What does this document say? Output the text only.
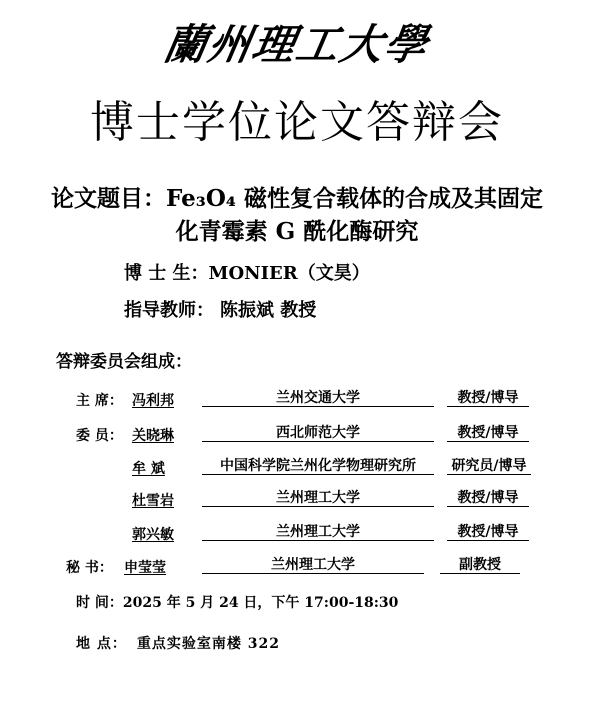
蘭州理工大學
博士学位论文答辩会
论文题目：Fe₃O₄ 磁性复合载体的合成及其固定
化青霉素 G 酰化酶研究
博 士 生：MONIER（文昊）
指导教师： 陈振斌 教授
答辩委员会组成：
主 席： 冯利邦	兰州交通大学	教授/博导
委 员： 关晓琳	西北师范大学	教授/博导
牟 斌	中国科学院兰州化学物理研究所	研究员/博导
杜雪岩	兰州理工大学	教授/博导
郭兴敏	兰州理工大学	教授/博导
秘 书： 申莹莹	兰州理工大学	副教授
时 间：2025 年 5 月 24 日，下午 17:00-18:30
地 点： 重点实验室南楼 322
